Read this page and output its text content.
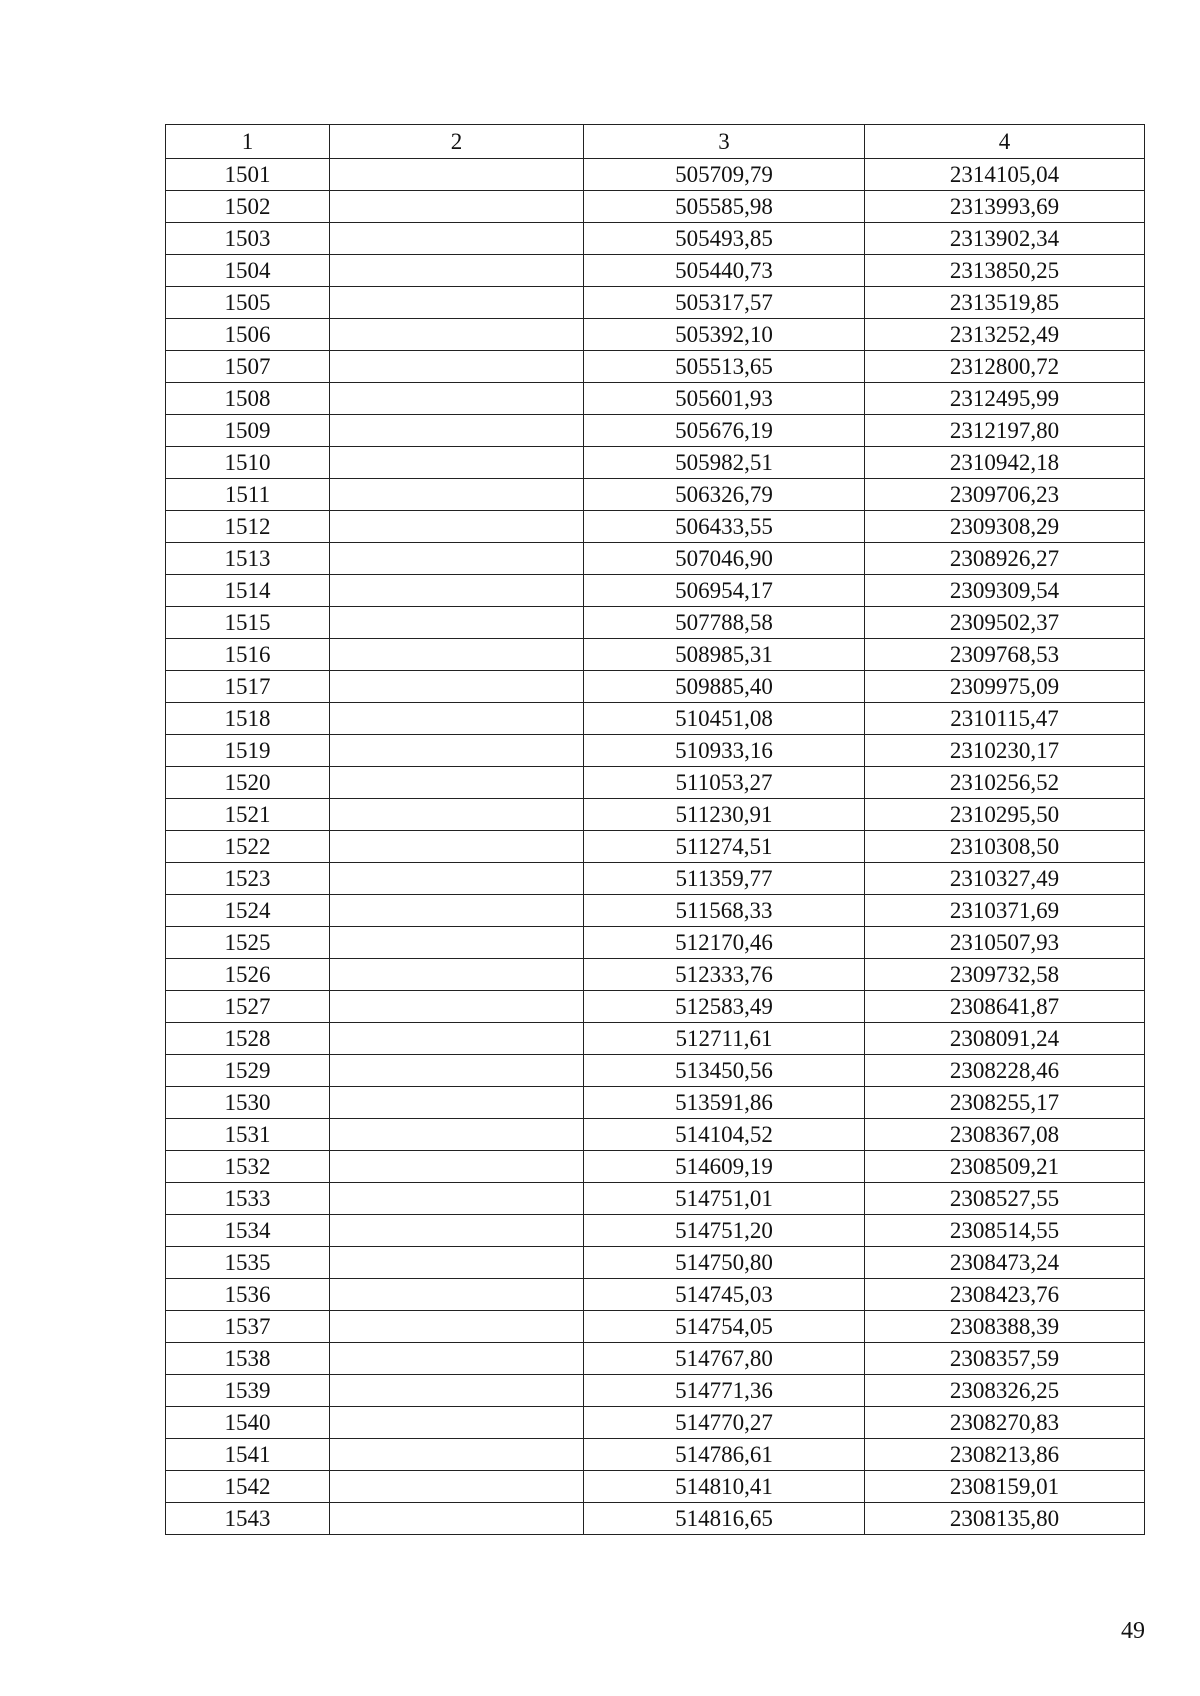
1	2	3	4
1501		505709,79	2314105,04
1502		505585,98	2313993,69
1503		505493,85	2313902,34
1504		505440,73	2313850,25
1505		505317,57	2313519,85
1506		505392,10	2313252,49
1507		505513,65	2312800,72
1508		505601,93	2312495,99
1509		505676,19	2312197,80
1510		505982,51	2310942,18
1511		506326,79	2309706,23
1512		506433,55	2309308,29
1513		507046,90	2308926,27
1514		506954,17	2309309,54
1515		507788,58	2309502,37
1516		508985,31	2309768,53
1517		509885,40	2309975,09
1518		510451,08	2310115,47
1519		510933,16	2310230,17
1520		511053,27	2310256,52
1521		511230,91	2310295,50
1522		511274,51	2310308,50
1523		511359,77	2310327,49
1524		511568,33	2310371,69
1525		512170,46	2310507,93
1526		512333,76	2309732,58
1527		512583,49	2308641,87
1528		512711,61	2308091,24
1529		513450,56	2308228,46
1530		513591,86	2308255,17
1531		514104,52	2308367,08
1532		514609,19	2308509,21
1533		514751,01	2308527,55
1534		514751,20	2308514,55
1535		514750,80	2308473,24
1536		514745,03	2308423,76
1537		514754,05	2308388,39
1538		514767,80	2308357,59
1539		514771,36	2308326,25
1540		514770,27	2308270,83
1541		514786,61	2308213,86
1542		514810,41	2308159,01
1543		514816,65	2308135,80
49
